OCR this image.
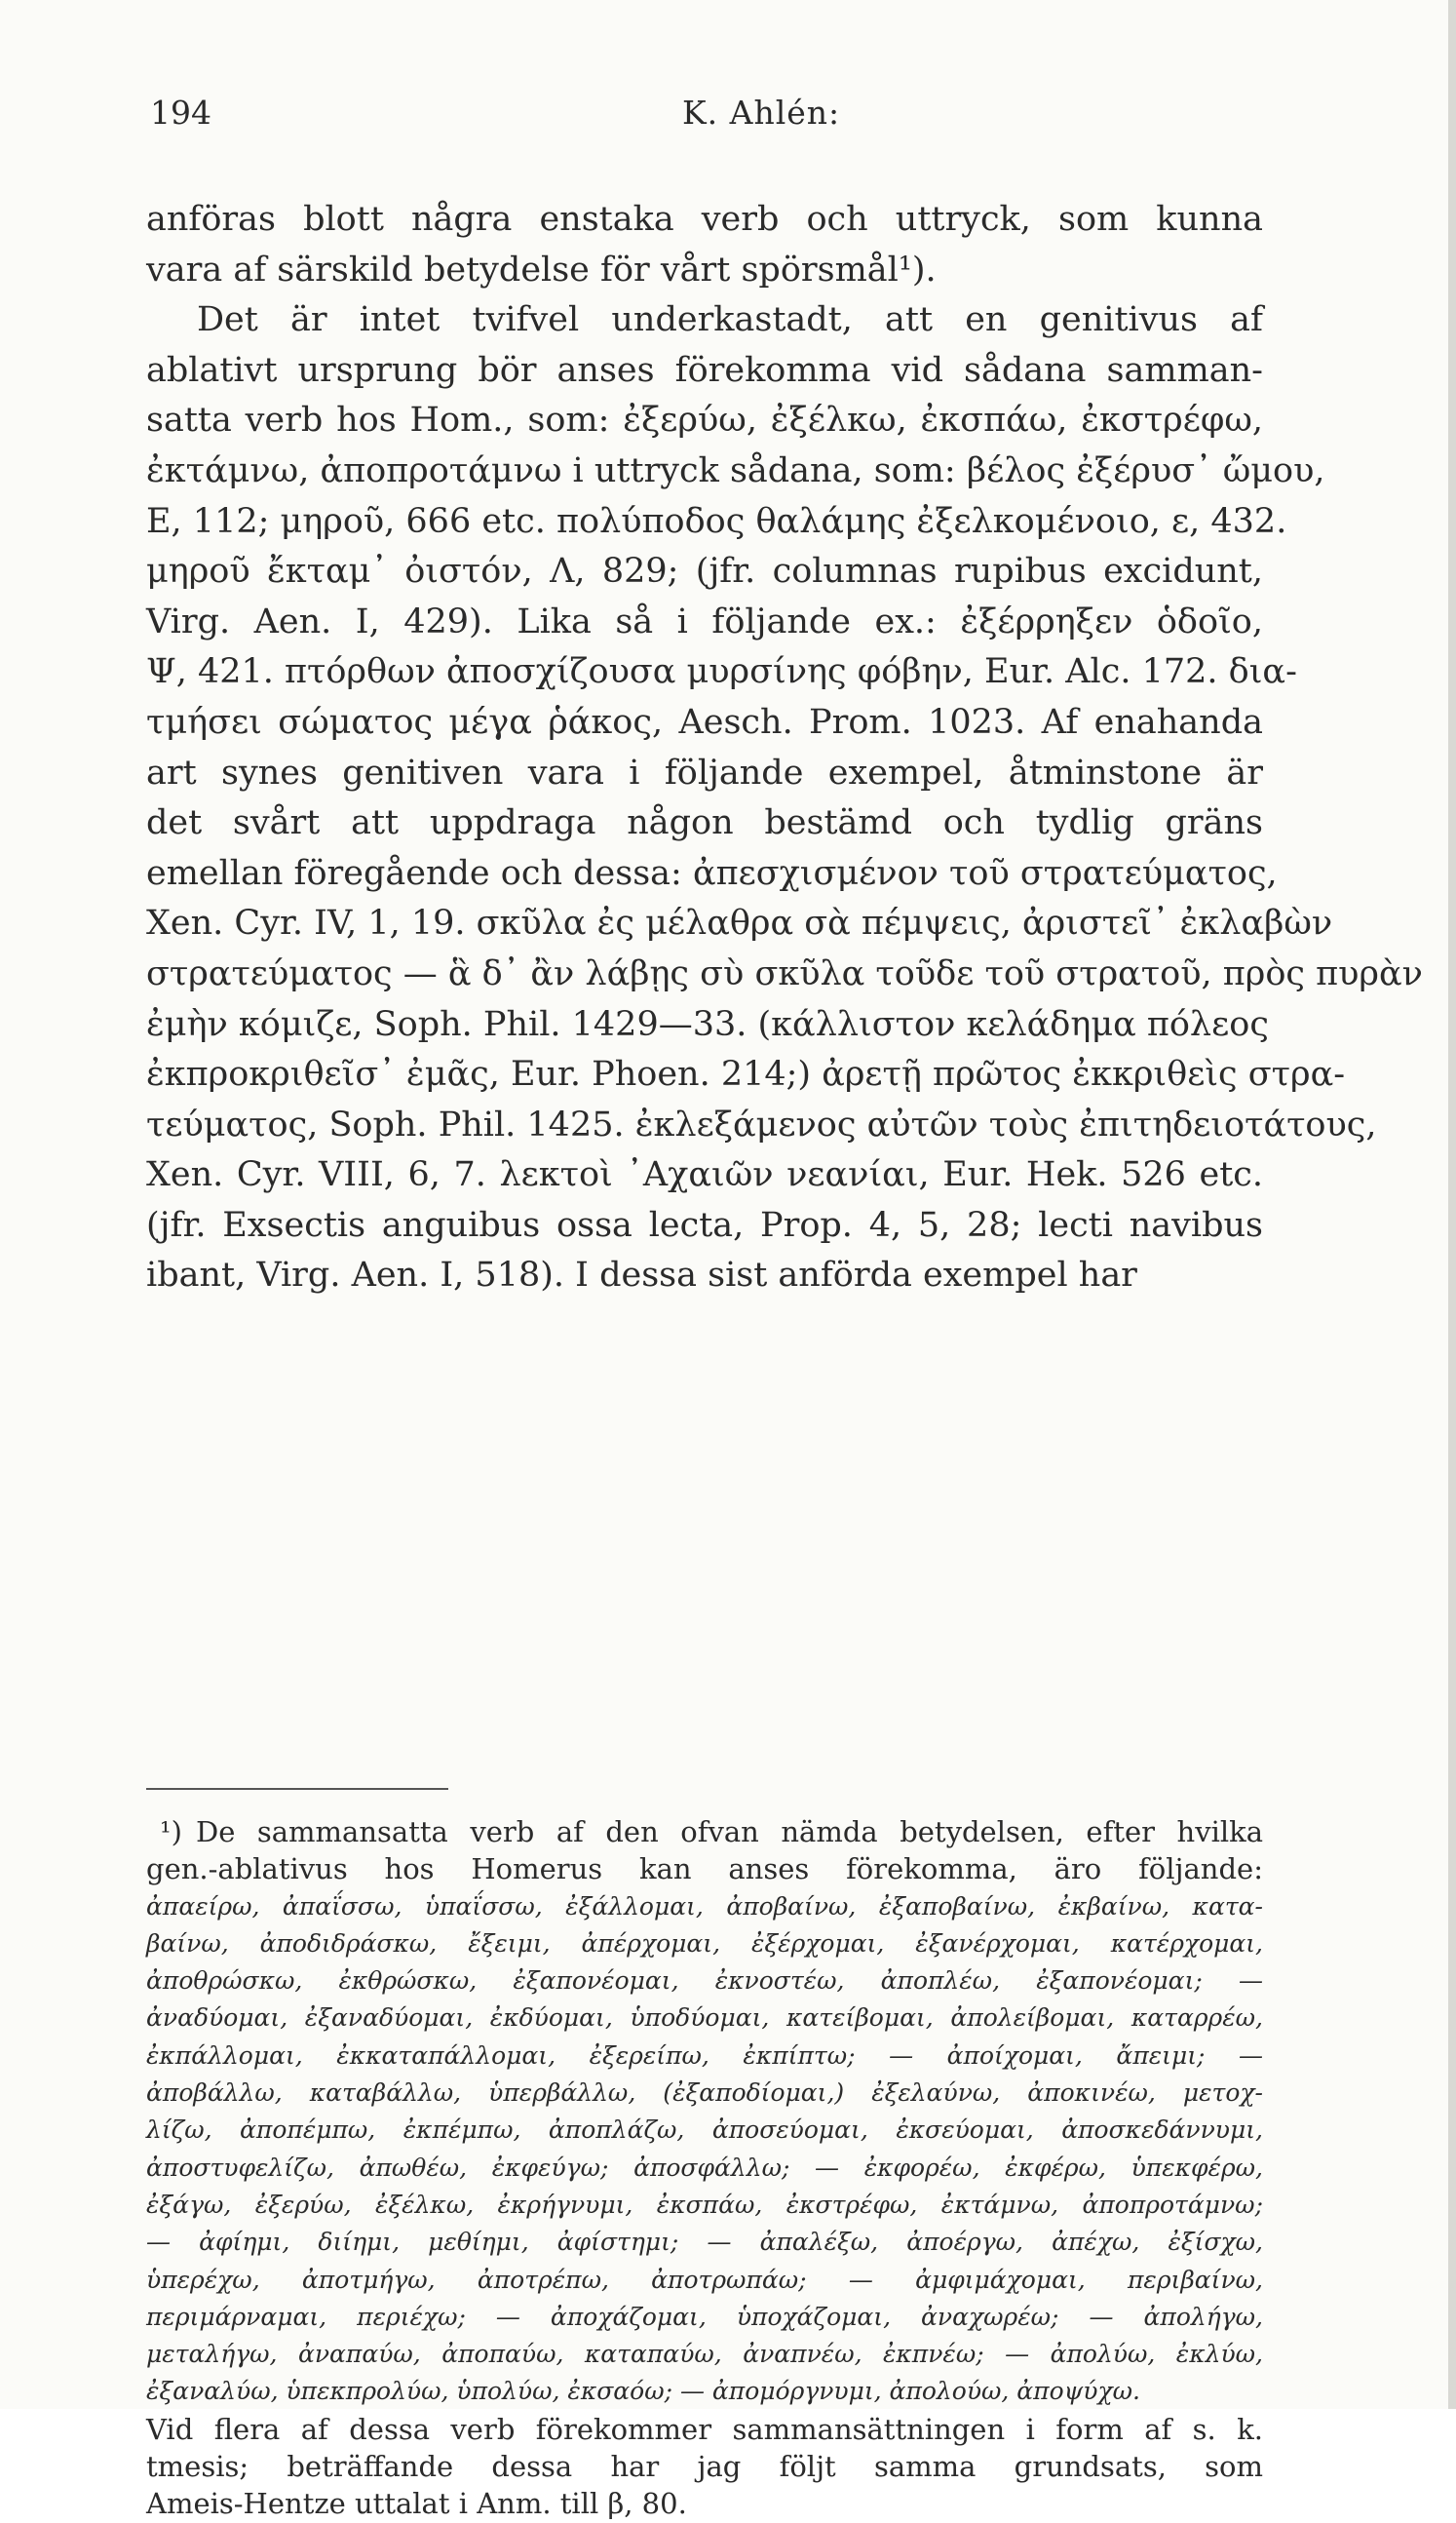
194	K. Ahlén:
anföras blott några enstaka verb och uttryck, som kunna
vara af särskild betydelse för vårt spörsmål¹).
Det är intet tvifvel underkastadt, att en genitivus af
ablativt ursprung bör anses förekomma vid sådana samman-
satta verb hos Hom., som: ἐξερύω, ἐξέλκω, ἐκσπάω, ἐκστρέφω,
ἐκτάμνω, ἀποπροτάμνω i uttryck sådana, som: βέλος ἐξέρυσ᾽ ὤμου,
Ε, 112; μηροῦ, 666 etc. πολύποδος θαλάμης ἐξελκομένοιο, ε, 432.
μηροῦ ἔκταμ᾽ ὀιστόν, Λ, 829; (jfr. columnas rupibus excidunt,
Virg. Aen. I, 429). Lika så i följande ex.: ἐξέρρηξεν ὁδοῖο,
Ψ, 421. πτόρθων ἀποσχίζουσα μυρσίνης φόβην, Eur. Alc. 172. δια-
τμήσει σώματος μέγα ῥάκος, Aesch. Prom. 1023. Af enahanda
art synes genitiven vara i följande exempel, åtminstone är
det svårt att uppdraga någon bestämd och tydlig gräns
emellan föregående och dessa: ἀπεσχισμένον τοῦ στρατεύματος,
Xen. Cyr. IV, 1, 19. σκῦλα ἐς μέλαθρα σὰ πέμψεις, ἀριστεῖ᾽ ἐκλαβὼν
στρατεύματος — ἃ δ᾽ ἂν λάβῃς σὺ σκῦλα τοῦδε τοῦ στρατοῦ, πρὸς πυρὰν
ἐμὴν κόμιζε, Soph. Phil. 1429—33. (κάλλιστον κελάδημα πόλεος
ἐκπροκριθεῖσ᾽ ἐμᾶς, Eur. Phoen. 214;) ἀρετῇ πρῶτος ἐκκριθεὶς στρα-
τεύματος, Soph. Phil. 1425. ἐκλεξάμενος αὐτῶν τοὺς ἐπιτηδειοτάτους,
Xen. Cyr. VIII, 6, 7. λεκτοὶ ᾽Αχαιῶν νεανίαι, Eur. Hek. 526 etc.
(jfr. Exsectis anguibus ossa lecta, Prop. 4, 5, 28; lecti navibus
ibant, Virg. Aen. I, 518). I dessa sist anförda exempel har
¹) De sammansatta verb af den ofvan nämda betydelsen, efter hvilka
gen.-ablativus hos Homerus kan anses förekomma, äro följande:
ἀπαείρω, ἀπαΐσσω, ὑπαΐσσω, ἐξάλλομαι, ἀποβαίνω, ἐξαποβαίνω, ἐκβαίνω, κατα-
βαίνω, ἀποδιδράσκω, ἔξειμι, ἀπέρχομαι, ἐξέρχομαι, ἐξανέρχομαι, κατέρχομαι,
ἀποθρώσκω, ἐκθρώσκω, ἐξαπονέομαι, ἐκνοστέω, ἀποπλέω, ἐξαπονέομαι; —
ἀναδύομαι, ἐξαναδύομαι, ἐκδύομαι, ὑποδύομαι, κατείβομαι, ἀπολείβομαι, καταρρέω,
ἐκπάλλομαι, ἐκκαταπάλλομαι, ἐξερείπω, ἐκπίπτω; — ἀποίχομαι, ἄπειμι; —
ἀποβάλλω, καταβάλλω, ὑπερβάλλω, (ἐξαποδίομαι,) ἐξελαύνω, ἀποκινέω, μετοχ-
λίζω, ἀποπέμπω, ἐκπέμπω, ἀποπλάζω, ἀποσεύομαι, ἐκσεύομαι, ἀποσκεδάννυμι,
ἀποστυφελίζω, ἀπωθέω, ἐκφεύγω; ἀποσφάλλω; — ἐκφορέω, ἐκφέρω, ὑπεκφέρω,
ἐξάγω, ἐξερύω, ἐξέλκω, ἐκρήγνυμι, ἐκσπάω, ἐκστρέφω, ἐκτάμνω, ἀποπροτάμνω;
— ἀφίημι, διίημι, μεθίημι, ἀφίστημι; — ἀπαλέξω, ἀποέργω, ἀπέχω, ἐξίσχω,
ὑπερέχω, ἀποτμήγω, ἀποτρέπω, ἀποτρωπάω; — ἀμφιμάχομαι, περιβαίνω,
περιμάρναμαι, περιέχω; — ἀποχάζομαι, ὑποχάζομαι, ἀναχωρέω; — ἀπολήγω,
μεταλήγω, ἀναπαύω, ἀποπαύω, καταπαύω, ἀναπνέω, ἐκπνέω; — ἀπολύω, ἐκλύω,
ἐξαναλύω, ὑπεκπρολύω, ὑπολύω, ἐκσαόω; — ἀπομόργνυμι, ἀπολούω, ἀποψύχω.
Vid flera af dessa verb förekommer sammansättningen i form af s. k.
tmesis; beträffande dessa har jag följt samma grundsats, som
Ameis-Hentze uttalat i Anm. till β, 80.
